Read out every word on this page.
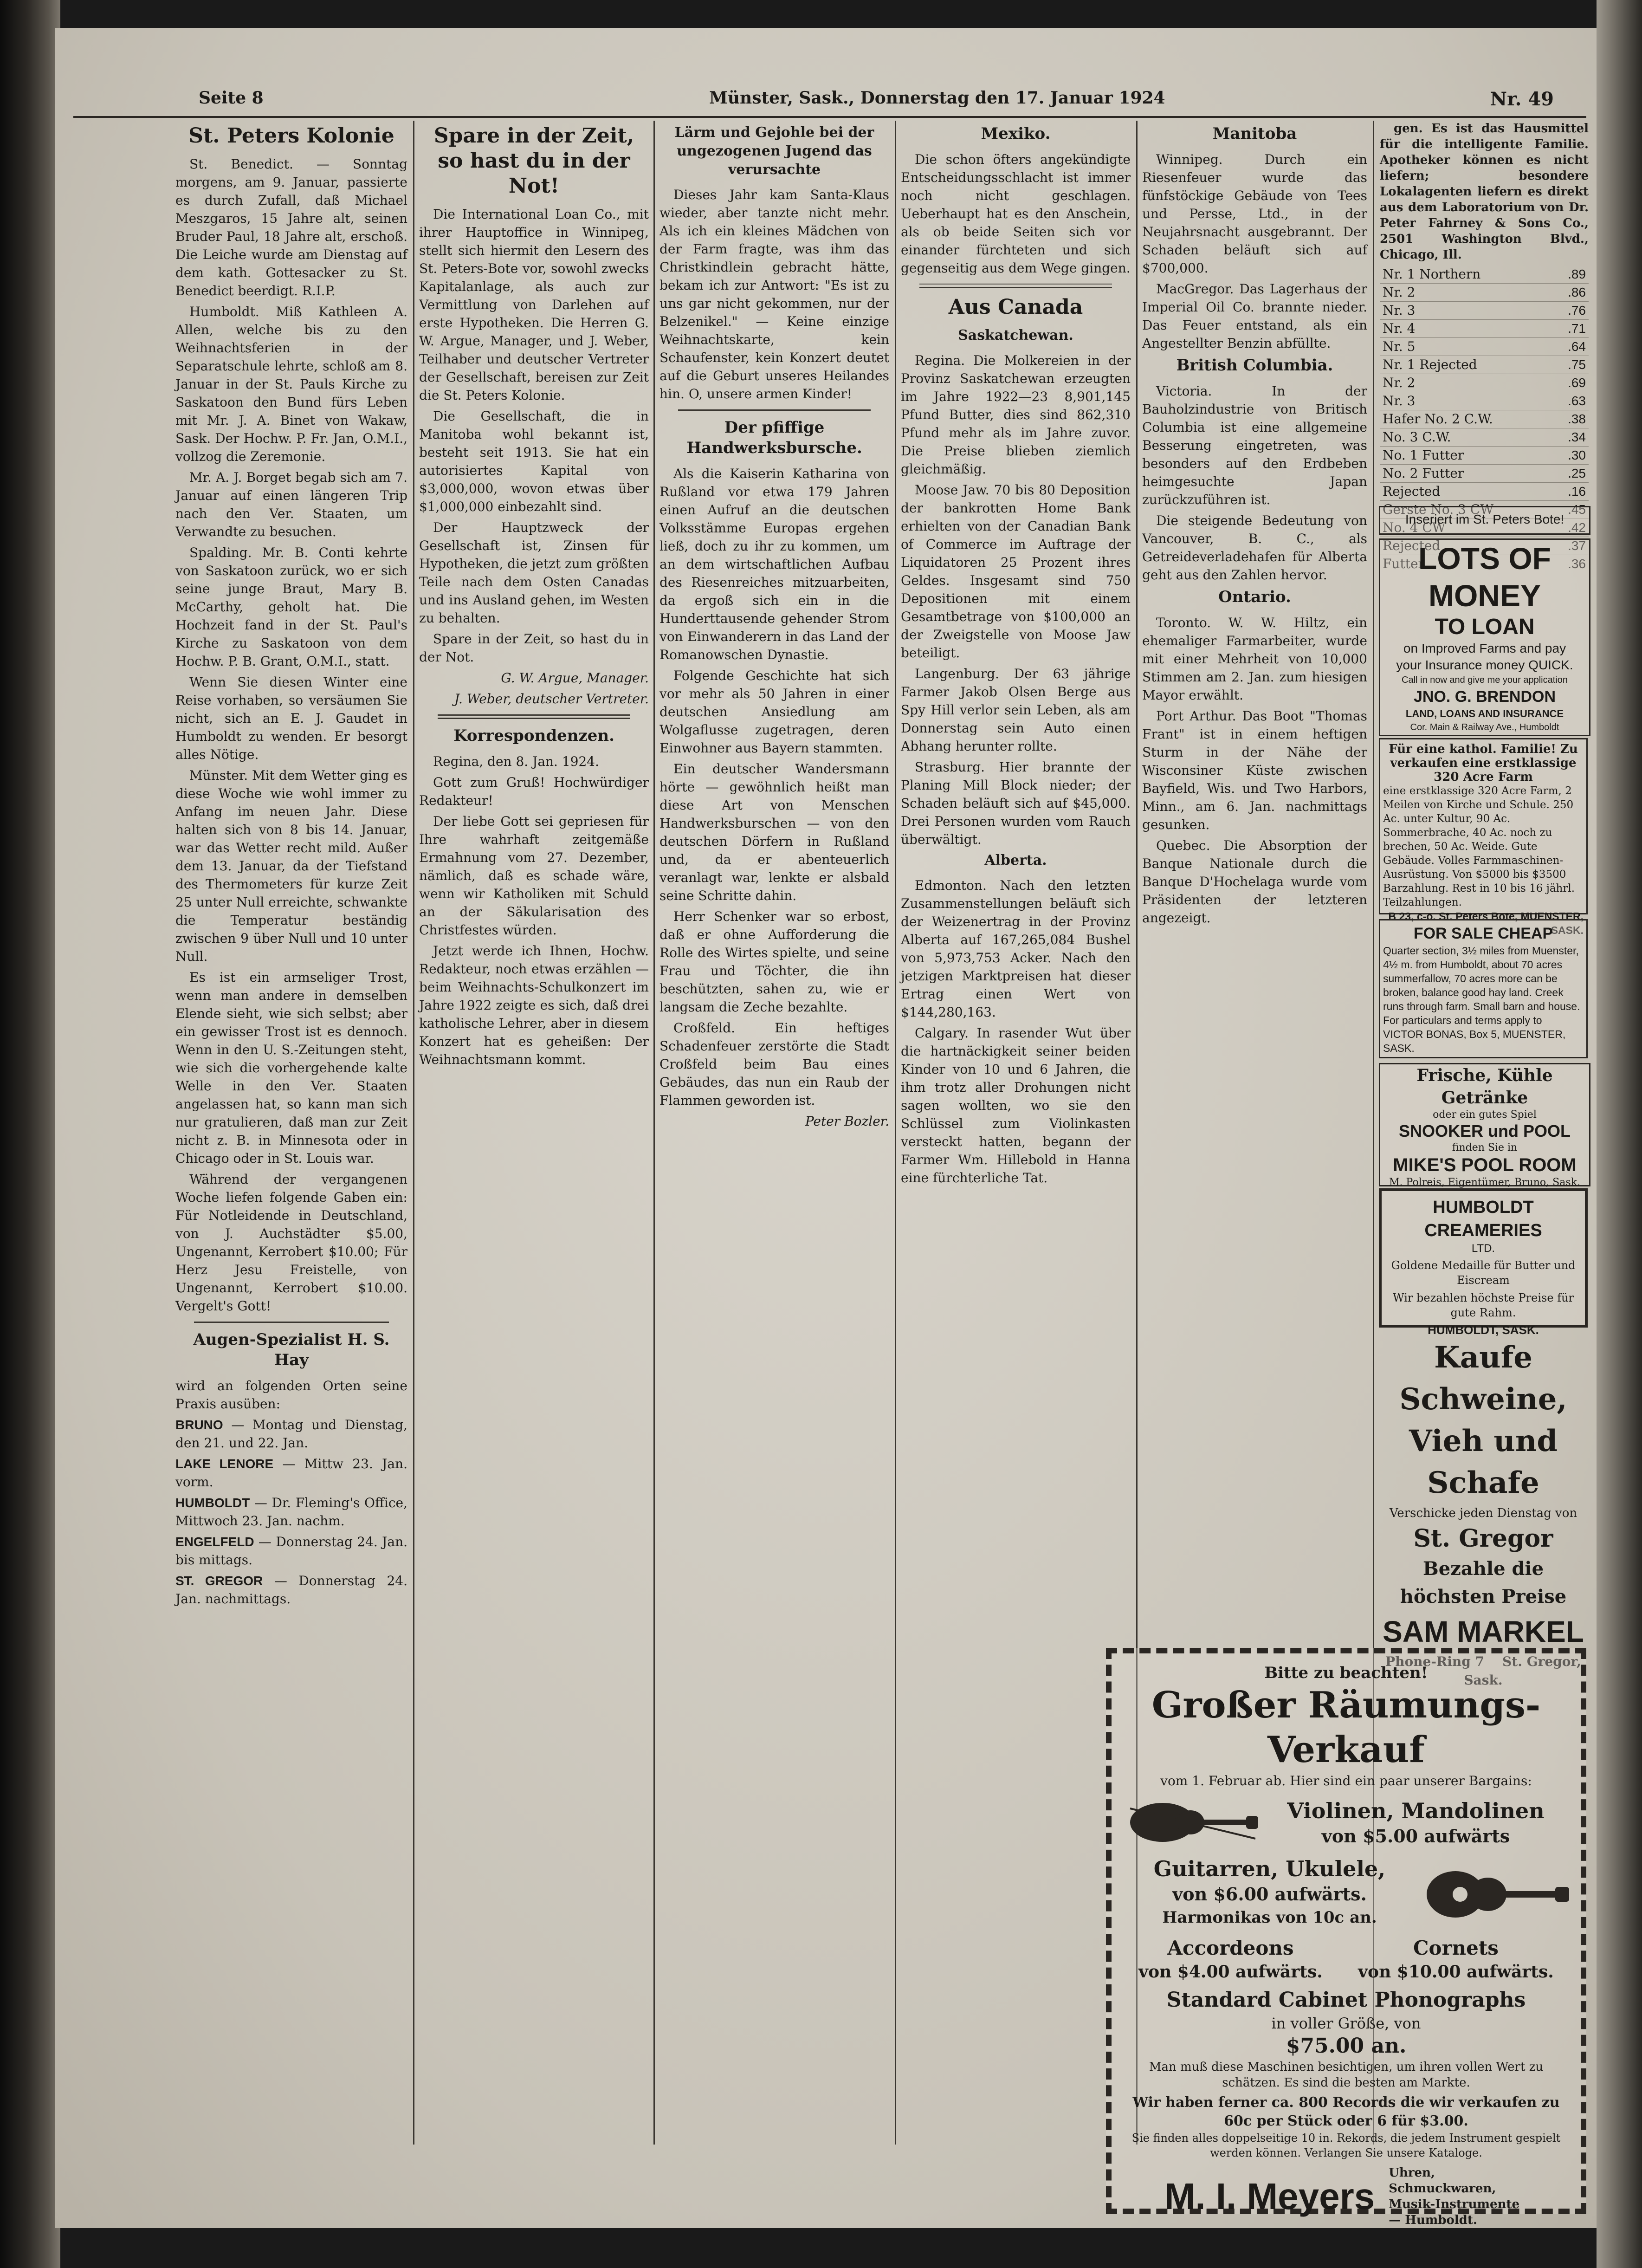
Seite 8	Münster, Sask., Donnerstag den 17. Januar 1924	Nr. 49
St. Peters Kolonie

St. Benedict. — Sonntag morgens, am 9. Januar, passierte es durch Zufall, daß Michael Meszgaros, 15 Jahre alt, seinen Bruder Paul, 18 Jahre alt, erschoß. Die Leiche wurde am Dienstag auf dem kath. Gottesacker zu St. Benedict beerdigt. R.I.P.

Humboldt. Miß Kathleen A. Allen, welche bis zu den Weihnachtsferien in der Separatschule lehrte, schloß am 8. Januar in der St. Pauls Kirche zu Saskatoon den Bund fürs Leben mit Mr. J. A. Binet von Wakaw, Sask. Der Hochw. P. Fr. Jan, O.M.I., vollzog die Zeremonie.

Mr. A. J. Borget begab sich am 7. Januar auf einen längeren Trip nach den Ver. Staaten, um Verwandte zu besuchen.

Spalding. Mr. B. Conti kehrte von Saskatoon zurück, wo er sich seine junge Braut, Mary B. McCarthy, geholt hat. Die Hochzeit fand in der St. Paul's Kirche zu Saskatoon von dem Hochw. P. B. Grant, O.M.I., statt.

Wenn Sie diesen Winter eine Reise vorhaben, so versäumen Sie nicht, sich an E. J. Gaudet in Humboldt zu wenden. Er besorgt alles Nötige.

Münster. Mit dem Wetter ging es diese Woche wie wohl immer zu Anfang im neuen Jahr. Diese halten sich von 8 bis 14. Januar, war das Wetter recht mild. Außer dem 13. Januar, da der Tiefstand des Thermometers für kurze Zeit 25 unter Null erreichte, schwankte die Temperatur beständig zwischen 9 über Null und 10 unter Null.

Es ist ein armseliger Trost, wenn man andere in demselben Elende sieht, wie sich selbst; aber ein gewisser Trost ist es dennoch. Wenn in den U. S.-Zeitungen steht, wie sich die vorhergehende kalte Welle in den Ver. Staaten angelassen hat, so kann man sich nur gratulieren, daß man zur Zeit nicht z. B. in Minnesota oder in Chicago oder in St. Louis war.

Während der vergangenen Woche liefen folgende Gaben ein: Für Notleidende in Deutschland, von J. Auchstädter $5.00, Ungenannt, Kerrobert $10.00; Für Herz Jesu Freistelle, von Ungenannt, Kerrobert $10.00. Vergelt's Gott!

Augen-Spezialist H. S. Hay

wird an folgenden Orten seine Praxis ausüben:

BRUNO — Montag und Dienstag, den 21. und 22. Jan.

LAKE LENORE — Mittw 23. Jan. vorm.

HUMBOLDT — Dr. Fleming's Office, Mittwoch 23. Jan. nachm.

ENGELFELD — Donnerstag 24. Jan. bis mittags.

ST. GREGOR — Donnerstag 24. Jan. nachmittags.

Spare in der Zeit, so hast du in der Not!

Die International Loan Co., mit ihrer Hauptoffice in Winnipeg, stellt sich hiermit den Lesern des St. Peters-Bote vor, sowohl zwecks Kapitalanlage, als auch zur Vermittlung von Darlehen auf erste Hypotheken. Die Herren G. W. Argue, Manager, und J. Weber, Teilhaber und deutscher Vertreter der Gesellschaft, bereisen zur Zeit die St. Peters Kolonie.

Die Gesellschaft, die in Manitoba wohl bekannt ist, besteht seit 1913. Sie hat ein autorisiertes Kapital von $3,000,000, wovon etwas über $1,000,000 einbezahlt sind.

Der Hauptzweck der Gesellschaft ist, Zinsen für Hypotheken, die jetzt zum größten Teile nach dem Osten Canadas und ins Ausland gehen, im Westen zu behalten.

Spare in der Zeit, so hast du in der Not.

G. W. Argue, Manager.

J. Weber, deutscher Vertreter.

Korrespondenzen.

Regina, den 8. Jan. 1924.

Gott zum Gruß! Hochwürdiger Redakteur!

Der liebe Gott sei gepriesen für Ihre wahrhaft zeitgemäße Ermahnung vom 27. Dezember, nämlich, daß es schade wäre, wenn wir Katholiken mit Schuld an der Säkularisation des Christfestes würden.

Jetzt werde ich Ihnen, Hochw. Redakteur, noch etwas erzählen — beim Weihnachts-Schulkonzert im Jahre 1922 zeigte es sich, daß drei katholische Lehrer, aber in diesem Konzert hat es geheißen: Der Weihnachtsmann kommt.

Lärm und Gejohle bei der ungezogenen Jugend das verursachte

Dieses Jahr kam Santa-Klaus wieder, aber tanzte nicht mehr. Als ich ein kleines Mädchen von der Farm fragte, was ihm das Christkindlein gebracht hätte, bekam ich zur Antwort: "Es ist zu uns gar nicht gekommen, nur der Belzenikel." — Keine einzige Weihnachtskarte, kein Schaufenster, kein Konzert deutet auf die Geburt unseres Heilandes hin. O, unsere armen Kinder!

Der pfiffige Handwerksbursche.

Als die Kaiserin Katharina von Rußland vor etwa 179 Jahren einen Aufruf an die deutschen Volksstämme Europas ergehen ließ, doch zu ihr zu kommen, um an dem wirtschaftlichen Aufbau des Riesenreiches mitzuarbeiten, da ergoß sich ein in die Hunderttausende gehender Strom von Einwanderern in das Land der Romanowschen Dynastie.

Folgende Geschichte hat sich vor mehr als 50 Jahren in einer deutschen Ansiedlung am Wolgaflusse zugetragen, deren Einwohner aus Bayern stammten.

Ein deutscher Wandersmann hörte — gewöhnlich heißt man diese Art von Menschen Handwerksburschen — von den deutschen Dörfern in Rußland und, da er abenteuerlich veranlagt war, lenkte er alsbald seine Schritte dahin.

Herr Schenker war so erbost, daß er ohne Aufforderung die Rolle des Wirtes spielte, und seine Frau und Töchter, die ihn beschützten, sahen zu, wie er langsam die Zeche bezahlte.

Croßfeld. Ein heftiges Schadenfeuer zerstörte die Stadt Croßfeld beim Bau eines Gebäudes, das nun ein Raub der Flammen geworden ist.

Peter Bozler.

Mexiko.

Die schon öfters angekündigte Entscheidungsschlacht ist immer noch nicht geschlagen. Ueberhaupt hat es den Anschein, als ob beide Seiten sich vor einander fürchteten und sich gegenseitig aus dem Wege gingen.

Aus Canada
Saskatchewan.

Regina. Die Molkereien in der Provinz Saskatchewan erzeugten im Jahre 1922—23 8,901,145 Pfund Butter, dies sind 862,310 Pfund mehr als im Jahre zuvor. Die Preise blieben ziemlich gleichmäßig.

Moose Jaw. 70 bis 80 Deposition der bankrotten Home Bank erhielten von der Canadian Bank of Commerce im Auftrage der Liquidatoren 25 Prozent ihres Geldes. Insgesamt sind 750 Depositionen mit einem Gesamtbetrage von $100,000 an der Zweigstelle von Moose Jaw beteiligt.

Langenburg. Der 63 jährige Farmer Jakob Olsen Berge aus Spy Hill verlor sein Leben, als am Donnerstag sein Auto einen Abhang herunter rollte.

Strasburg. Hier brannte der Planing Mill Block nieder; der Schaden beläuft sich auf $45,000. Drei Personen wurden vom Rauch überwältigt.

Alberta.

Edmonton. Nach den letzten Zusammenstellungen beläuft sich der Weizenertrag in der Provinz Alberta auf 167,265,084 Bushel von 5,973,753 Acker. Nach den jetzigen Marktpreisen hat dieser Ertrag einen Wert von $144,280,163.

Calgary. In rasender Wut über die hartnäckigkeit seiner beiden Kinder von 10 und 6 Jahren, die ihm trotz aller Drohungen nicht sagen wollten, wo sie den Schlüssel zum Violinkasten versteckt hatten, begann der Farmer Wm. Hillebold in Hanna eine fürchterliche Tat.

Manitoba

Winnipeg. Durch ein Riesenfeuer wurde das fünfstöckige Gebäude von Tees und Persse, Ltd., in der Neujahrsnacht ausgebrannt. Der Schaden beläuft sich auf $700,000.

MacGregor. Das Lagerhaus der Imperial Oil Co. brannte nieder. Das Feuer entstand, als ein Angestellter Benzin abfüllte.

British Columbia.

Victoria. In der Bauholzindustrie von Britisch Columbia ist eine allgemeine Besserung eingetreten, was besonders auf den Erdbeben heimgesuchte Japan zurückzuführen ist.

Die steigende Bedeutung von Vancouver, B. C., als Getreideverladehafen für Alberta geht aus den Zahlen hervor.

Ontario.

Toronto. W. W. Hiltz, ein ehemaliger Farmarbeiter, wurde mit einer Mehrheit von 10,000 Stimmen am 2. Jan. zum hiesigen Mayor erwählt.

Port Arthur. Das Boot "Thomas Frant" ist in einem heftigen Sturm in der Nähe der Wisconsiner Küste zwischen Bayfield, Wis. und Two Harbors, Minn., am 6. Jan. nachmittags gesunken.

Quebec. Die Absorption der Banque Nationale durch die Banque D'Hochelaga wurde vom Präsidenten der letzteren angezeigt.

gen. Es ist das Hausmittel für die intelligente Familie. Apotheker können es nicht liefern; besondere Lokalagenten liefern es direkt aus dem Laboratorium von Dr. Peter Fahrney & Sons Co., 2501 Washington Blvd., Chicago, Ill.

Nr. 1 Northern	.89
Nr. 2	.86
Nr. 3	.76
Nr. 4	.71
Nr. 5	.64
Nr. 1 Rejected	.75
Nr. 2	.69
Nr. 3	.63
Hafer No. 2 C.W.	.38
No. 3 C.W.	.34
No. 1 Futter	.30
No. 2 Futter	.25
Rejected	.16
Gerste No. 3 CW	.45
No. 4 CW	.42
Rejected	.37
Futter	.36
Inseriert im St. Peters Bote!
LOTS OF MONEY
TO LOAN
on Improved Farms and pay
your Insurance money QUICK.
Call in now and give me your application
JNO. G. BRENDON
LAND, LOANS AND INSURANCE
Cor. Main & Railway Ave., Humboldt
Für eine kathol. Familie! Zu verkaufen eine erstklassige 320 Acre Farm
eine erstklassige 320 Acre Farm, 2 Meilen von Kirche und Schule. 250 Ac. unter Kultur, 90 Ac. Sommerbrache, 40 Ac. noch zu brechen, 50 Ac. Weide. Gute Gebäude. Volles Farmmaschinen-Ausrüstung. Von $5000 bis $3500 Barzahlung. Rest in 10 bis 16 jährl. Teilzahlungen.
B 23, c-o. St. Peters Bote, MUENSTER, SASK.
FOR SALE CHEAP
Quarter section, 3½ miles from Muenster, 4½ m. from Humboldt, about 70 acres summerfallow, 70 acres more can be broken, balance good hay land. Creek runs through farm. Small barn and house. For particulars and terms apply to VICTOR BONAS, Box 5, MUENSTER, SASK.
Frische, Kühle Getränke
oder ein gutes Spiel
SNOOKER und POOL
finden Sie in
MIKE'S POOL ROOM
M. Polreis, Eigentümer, Bruno, Sask.
HUMBOLDT CREAMERIES
LTD.
Goldene Medaille für Butter und Eiscream
Wir bezahlen höchste Preise für gute Rahm.
HUMBOLDT, SASK.
Kaufe Schweine,
Vieh und Schafe
Verschicke jeden Dienstag von
St. Gregor
Bezahle die höchsten Preise
SAM MARKEL
Phone-Ring 7 St. Gregor, Sask.
Bitte zu beachten!
Großer Räumungs-Verkauf
vom 1. Februar ab. Hier sind ein paar unserer Bargains:
Violinen, Mandolinen
von $5.00 aufwärts
Guitarren, Ukulele,
von $6.00 aufwärts.
Harmonikas von 10c an.
Accordeons
von $4.00 aufwärts.
Cornets
von $10.00 aufwärts.
Standard Cabinet Phonographs
in voller Größe, von
$75.00 an.
Man muß diese Maschinen besichtigen, um ihren vollen Wert zu schätzen. Es sind die besten am Markte.
Wir haben ferner ca. 800 Records die wir verkaufen zu 60c per Stück oder 6 für $3.00.
Sie finden alles doppelseitige 10 in. Rekords, die jedem Instrument gespielt werden können. Verlangen Sie unsere Kataloge.
M. I. Meyers
Uhren, Schmuckwaren, Musik-Instrumente — Humboldt.
